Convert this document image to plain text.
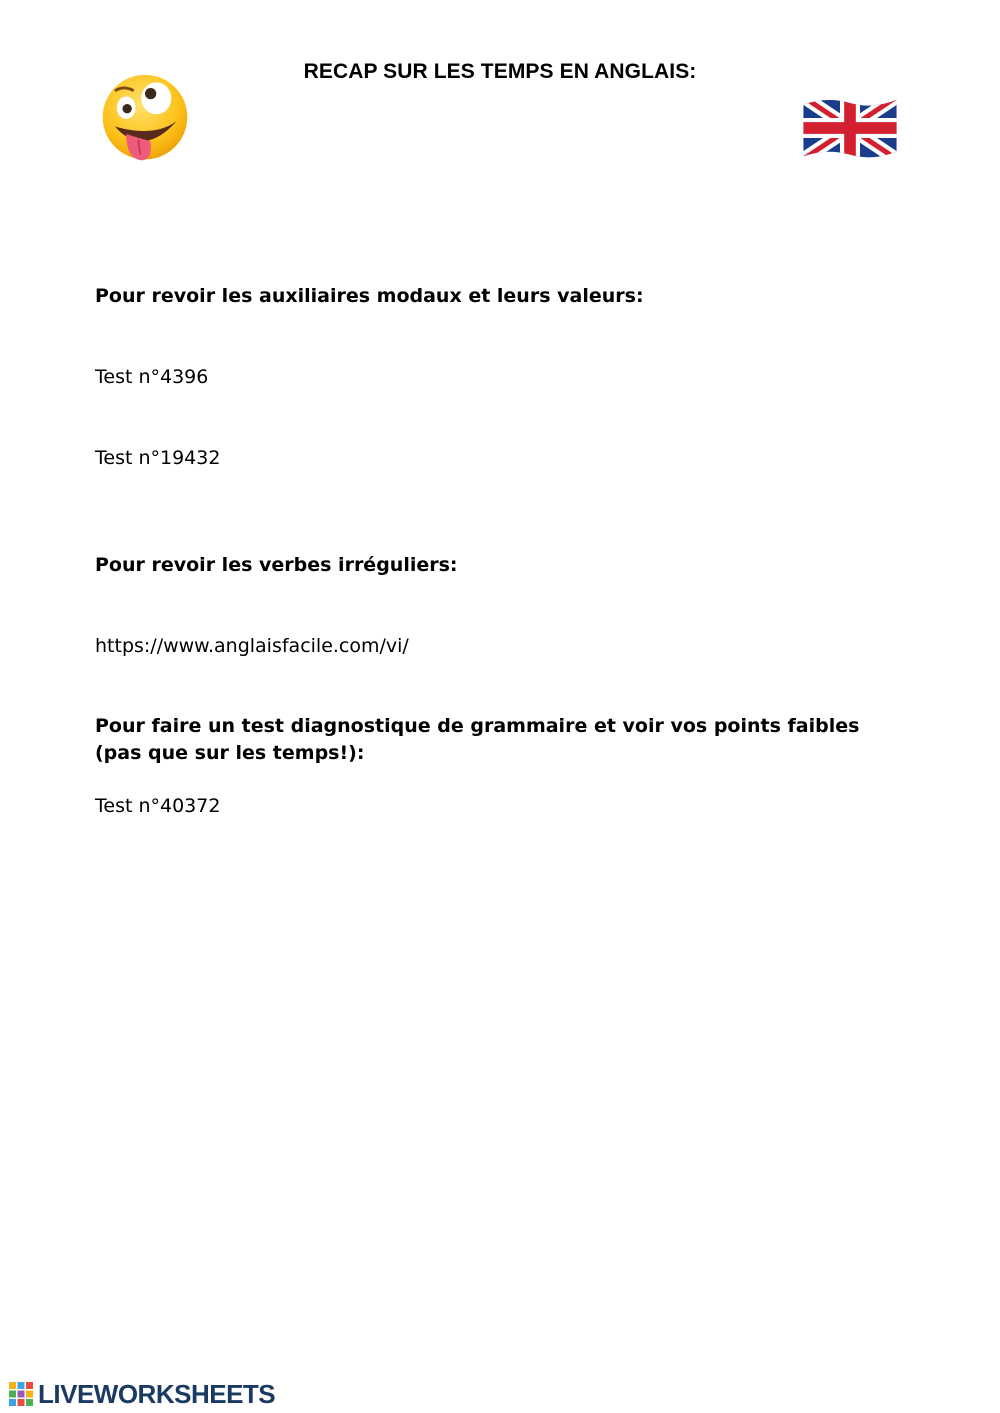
RECAP SUR LES TEMPS EN ANGLAIS:
Pour revoir les auxiliaires modaux et leurs valeurs:
Test n°4396
Test n°19432
Pour revoir les verbes irréguliers:
https://www.anglaisfacile.com/vi/
Pour faire un test diagnostique de grammaire et voir vos points faibles (pas que sur les temps!):
Test n°40372
LIVEWORKSHEETS
